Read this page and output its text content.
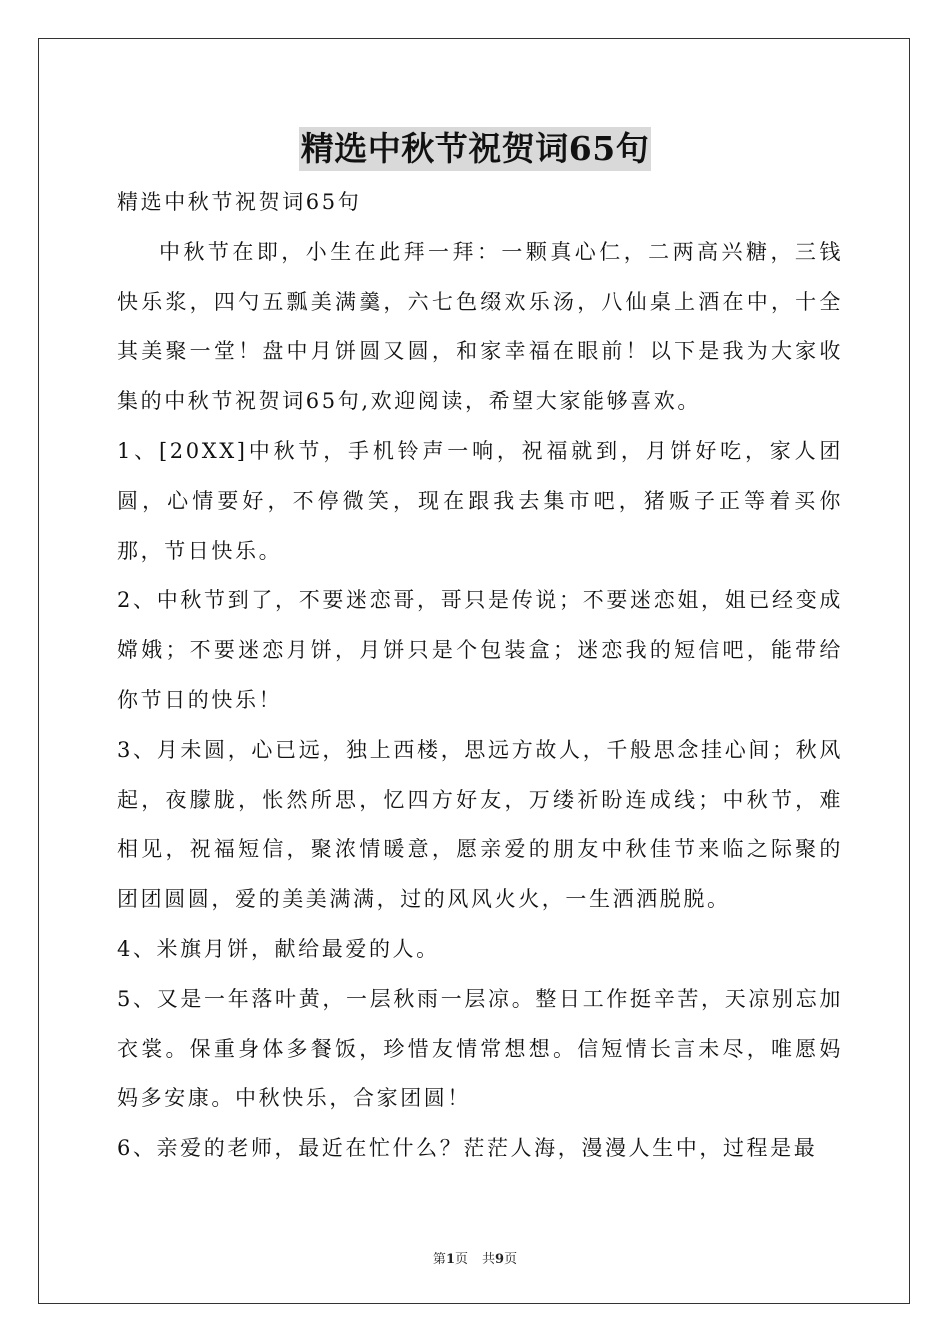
精选中秋节祝贺词65句

精选中秋节祝贺词65句

中秋节在即，小生在此拜一拜：一颗真心仁，二两高兴糖，三钱快乐浆，四勺五瓢美满羹，六七色缀欢乐汤，八仙桌上酒在中，十全其美聚一堂！盘中月饼圆又圆，和家幸福在眼前！以下是我为大家收集的中秋节祝贺词65句,欢迎阅读，希望大家能够喜欢。

1、[20XX]中秋节，手机铃声一响，祝福就到，月饼好吃，家人团圆，心情要好，不停微笑，现在跟我去集市吧，猪贩子正等着买你那，节日快乐。

2、中秋节到了，不要迷恋哥，哥只是传说；不要迷恋姐，姐已经变成嫦娥；不要迷恋月饼，月饼只是个包装盒；迷恋我的短信吧，能带给你节日的快乐！

3、月未圆，心已远，独上西楼，思远方故人，千般思念挂心间；秋风起，夜朦胧，怅然所思，忆四方好友，万缕祈盼连成线；中秋节，难相见，祝福短信，聚浓情暖意，愿亲爱的朋友中秋佳节来临之际聚的团团圆圆，爱的美美满满，过的风风火火，一生洒洒脱脱。

4、米旗月饼，献给最爱的人。

5、又是一年落叶黄，一层秋雨一层凉。整日工作挺辛苦，天凉别忘加衣裳。保重身体多餐饭，珍惜友情常想想。信短情长言未尽，唯愿妈妈多安康。中秋快乐，合家团圆！

6、亲爱的老师，最近在忙什么？茫茫人海，漫漫人生中，过程是最

第1页 共9页
